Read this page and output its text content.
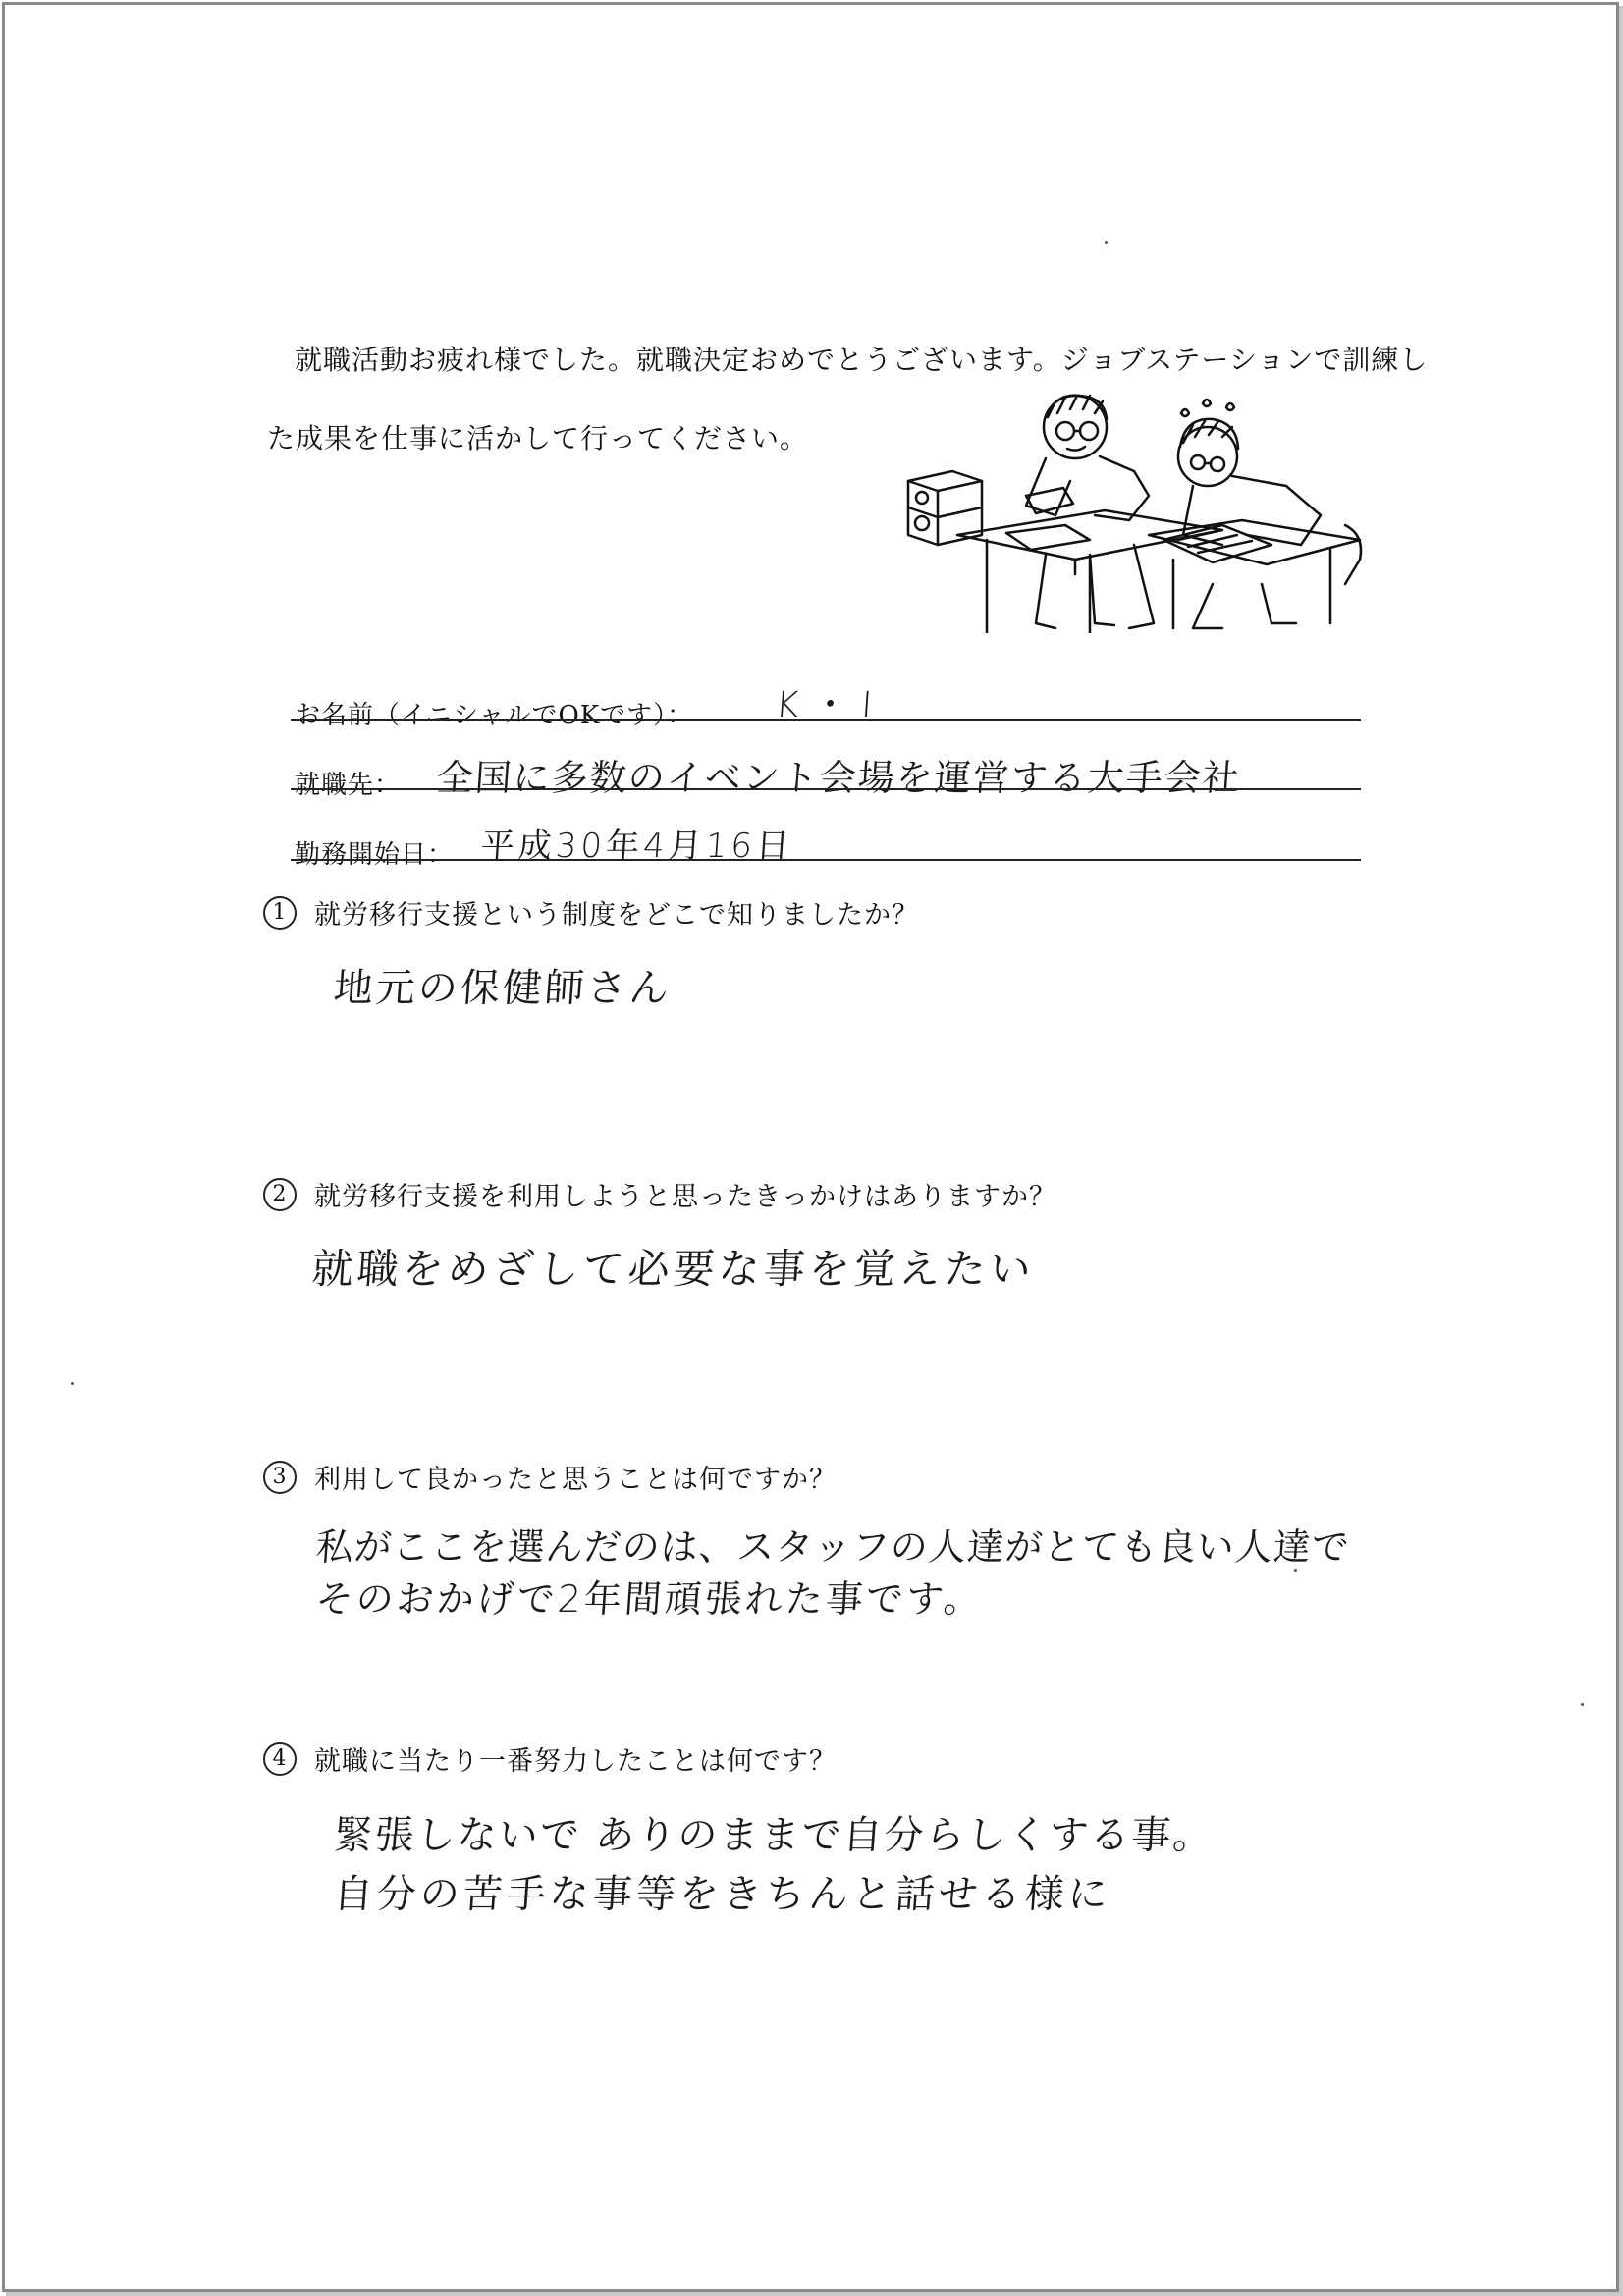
就職活動お疲れ様でした。就職決定おめでとうございます。ジョブステーションで訓練し
た成果を仕事に活かして行ってください。
お名前（イニシャルでOKです）： K・I
就職先： 全国に多数のイベント会場を運営する大手会社
勤務開始日： 平成30年4月16日
1 就労移行支援という制度をどこで知りましたか？
地元の保健師さん
2 就労移行支援を利用しようと思ったきっかけはありますか？
就職をめざして必要な事を覚えたい
3 利用して良かったと思うことは何ですか？
私がここを選んだのは、スタッフの人達がとても良い人達で
そのおかげで2年間頑張れた事です。
4 就職に当たり一番努力したことは何です？
緊張しないで ありのままで自分らしくする事。
自分の苦手な事等をきちんと話せる様に
